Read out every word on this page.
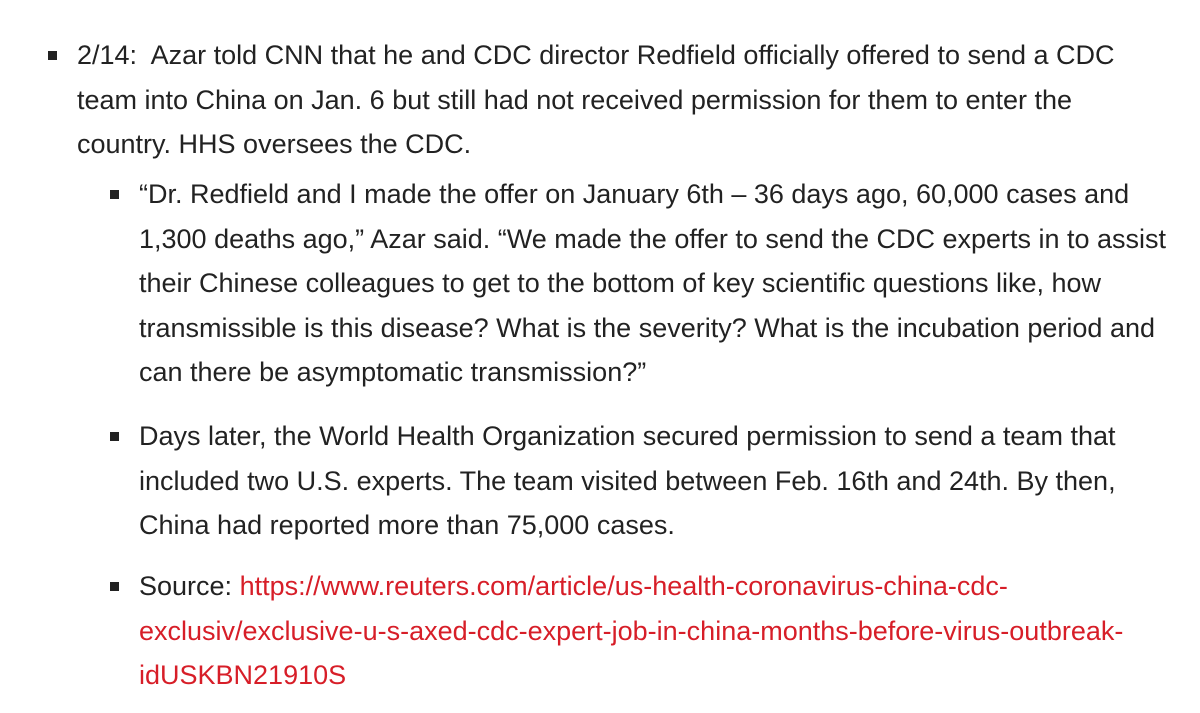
2/14: Azar told CNN that he and CDC director Redfield officially offered to send a CDC team into China on Jan. 6 but still had not received permission for them to enter the country. HHS oversees the CDC.
“Dr. Redfield and I made the offer on January 6th – 36 days ago, 60,000 cases and 1,300 deaths ago,” Azar said. “We made the offer to send the CDC experts in to assist their Chinese colleagues to get to the bottom of key scientific questions like, how transmissible is this disease? What is the severity? What is the incubation period and can there be asymptomatic transmission?”
Days later, the World Health Organization secured permission to send a team that included two U.S. experts. The team visited between Feb. 16th and 24th. By then, China had reported more than 75,000 cases.
Source: https://www.reuters.com/article/us-health-coronavirus-china-cdc-exclusiv/exclusive-u-s-axed-cdc-expert-job-in-china-months-before-virus-outbreak-idUSKBN21910S
